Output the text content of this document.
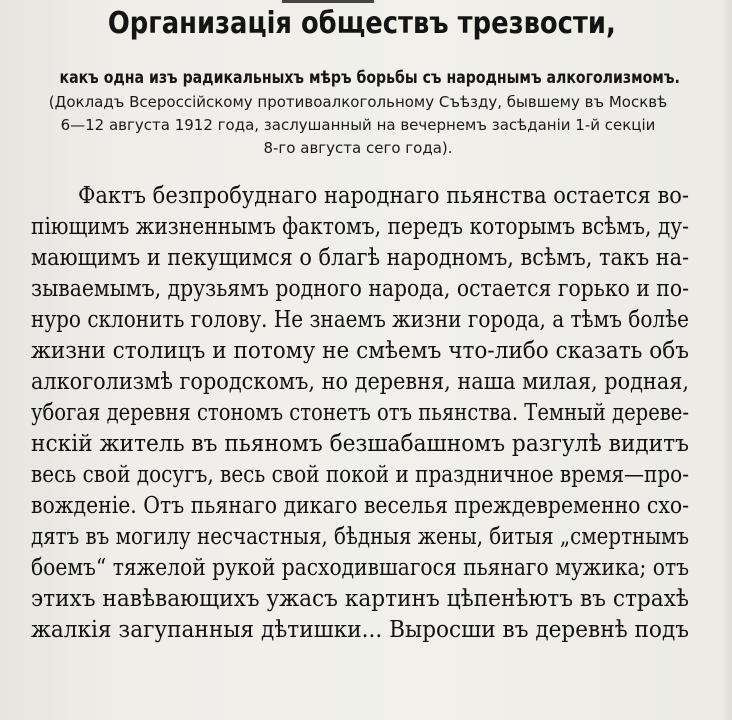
Организація обществъ трезвости,
какъ одна изъ радикальныхъ мѣръ борьбы съ народнымъ алкоголизмомъ.
(Докладъ Всероссійскому противоалкогольному Съѣзду, бывшему въ Москвѣ
6—12 августа 1912 года, заслушанный на вечернемъ засѣданіи 1-й секціи
8-го августа сего года).
Фактъ безпробуднаго народнаго пьянства остается во-
піющимъ жизненнымъ фактомъ, передъ которымъ всѣмъ, ду-
мающимъ и пекущимся о благѣ народномъ, всѣмъ, такъ на-
зываемымъ, друзьямъ родного народа, остается горько и по-
нуро склонить голову. Не знаемъ жизни города, а тѣмъ болѣе
жизни столицъ и потому не смѣемъ что-либо сказать объ
алкоголизмѣ городскомъ, но деревня, наша милая, родная,
убогая деревня стономъ стонетъ отъ пьянства. Темный дереве-
нскій житель въ пьяномъ безшабашномъ разгулѣ видитъ
весь свой досугъ, весь свой покой и праздничное время—про-
вожденіе. Отъ пьянаго дикаго веселья преждевременно схо-
дятъ въ могилу несчастныя, бѣдныя жены, битыя „смертнымъ
боемъ“ тяжелой рукой расходившагося пьянаго мужика; отъ
этихъ навѣвающихъ ужасъ картинъ цѣпенѣютъ въ страхѣ
жалкія загупанныя дѣтишки... Выросши въ деревнѣ подъ
